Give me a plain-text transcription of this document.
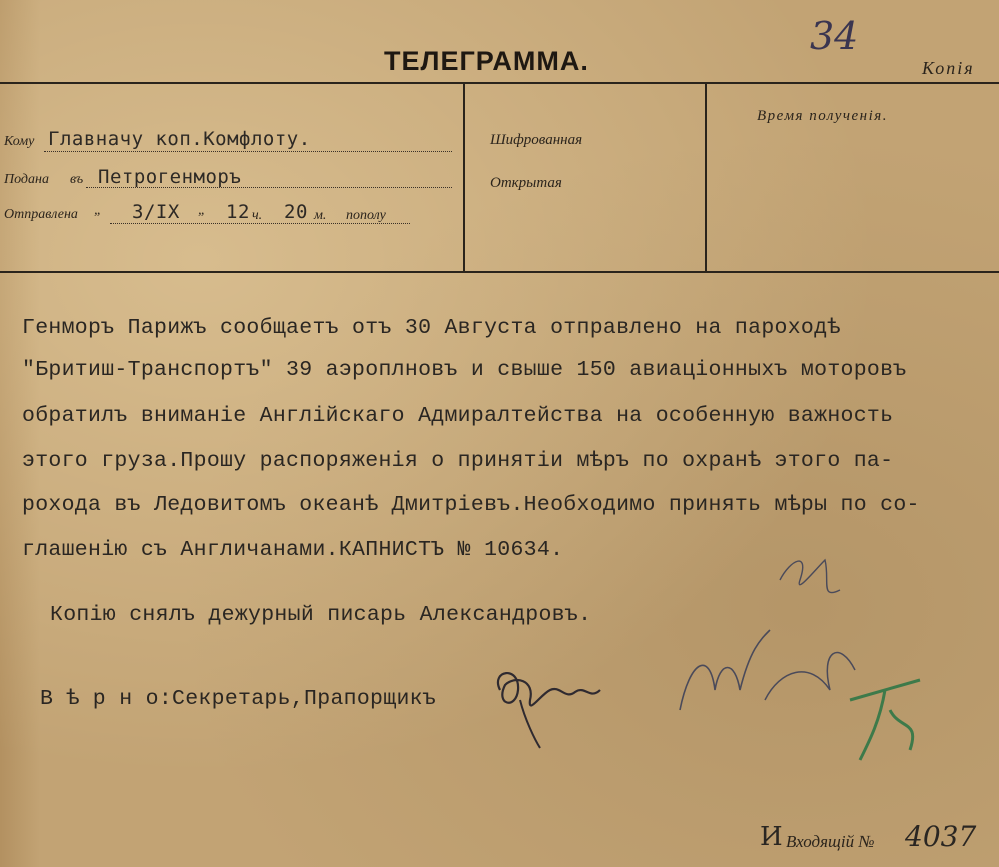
ТЕЛЕГРАММА.	Копія
34
Кому Главначу коп.Комфлоту.
Подана въ Петрогенморъ
Отправлена „ 3/IX „ 12 ч. 20 м. пополу
Шифрованная
Открытая
Время полученія.
Генморъ Парижъ сообщаетъ отъ 30 Августа отправлено на пароходѣ
"Бритиш-Транспортъ" 39 аэроплновъ и свыше 150 авиаціонныхъ моторовъ
обратилъ вниманіе Англійскаго Адмиралтейства на особенную важность
этого груза.Прошу распоряженія о принятіи мѣръ по охранѣ этого па-
рохода въ Ледовитомъ океанѣ Дмитріевъ.Необходимо принять мѣры по со-
глашенію съ Англичанами.КАПНИСТЪ № 10634.
Копію снялъ дежурный писарь Александровъ.
В ѣ р н о:Секретарь,Прапорщикъ
И Входящій № 4037
